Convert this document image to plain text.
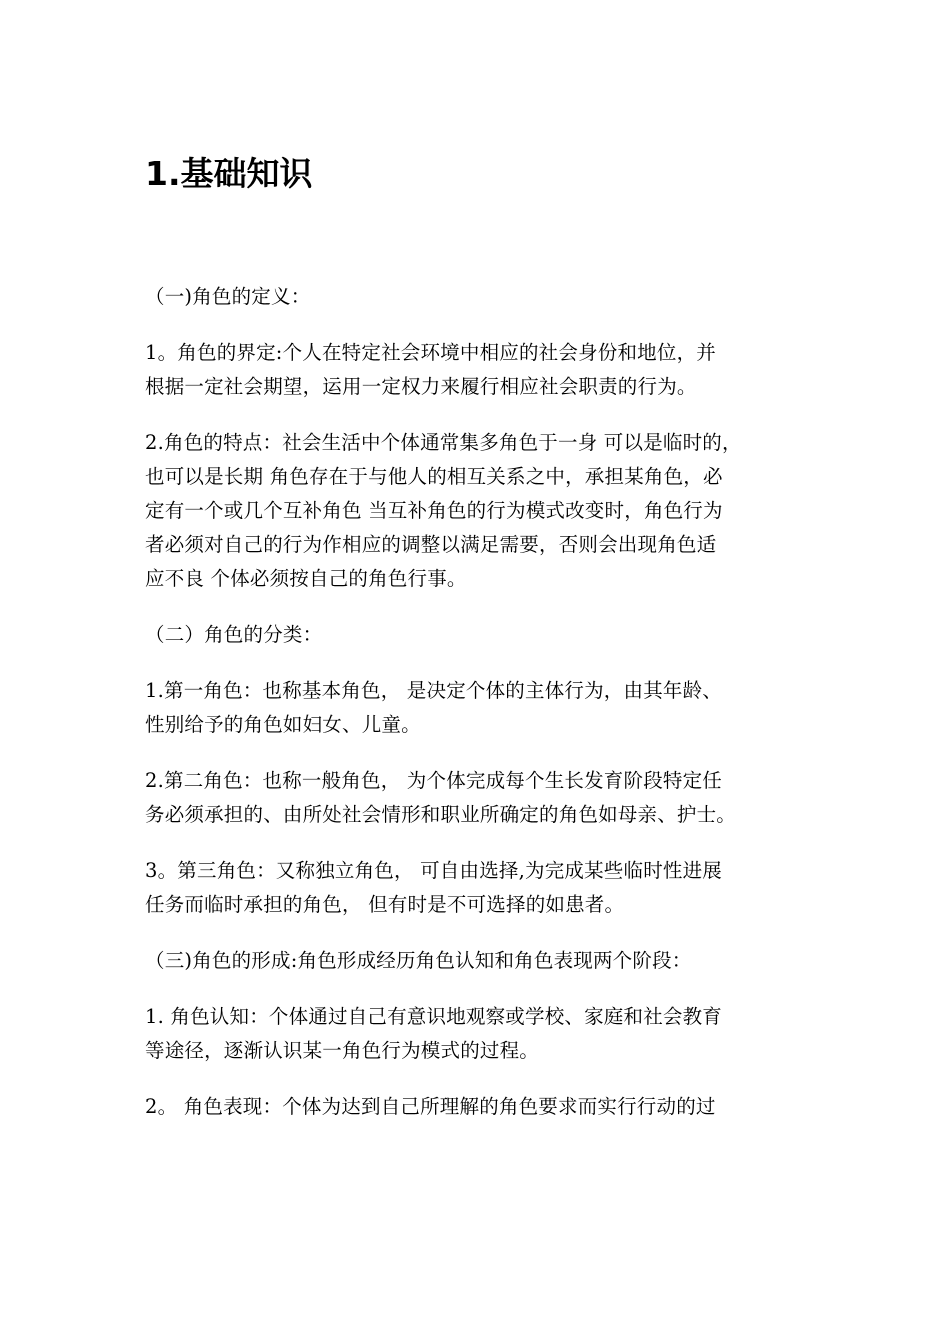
1.基础知识

（一)角色的定义：

1。角色的界定:个人在特定社会环境中相应的社会身份和地位，并
根据一定社会期望，运用一定权力来履行相应社会职责的行为。

2.角色的特点：社会生活中个体通常集多角色于一身 可以是临时的，
也可以是长期 角色存在于与他人的相互关系之中，承担某角色，必
定有一个或几个互补角色 当互补角色的行为模式改变时，角色行为
者必须对自己的行为作相应的调整以满足需要，否则会出现角色适
应不良 个体必须按自己的角色行事。

（二）角色的分类：

1.第一角色：也称基本角色， 是决定个体的主体行为，由其年龄、
性别给予的角色如妇女、儿童。

2.第二角色：也称一般角色， 为个体完成每个生长发育阶段特定任
务必须承担的、由所处社会情形和职业所确定的角色如母亲、护士。

3。第三角色：又称独立角色， 可自由选择,为完成某些临时性进展
任务而临时承担的角色， 但有时是不可选择的如患者。

（三)角色的形成:角色形成经历角色认知和角色表现两个阶段：

1. 角色认知：个体通过自己有意识地观察或学校、家庭和社会教育
等途径，逐渐认识某一角色行为模式的过程。

2。 角色表现：个体为达到自己所理解的角色要求而实行行动的过
